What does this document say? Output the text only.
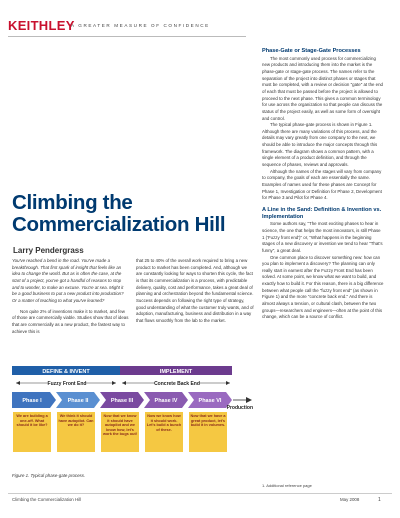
KEITHLEY
A GREATER MEASURE OF CONFIDENCE
Climbing the
Commercialization Hill
Larry Pendergrass

You've reached a bend in the road. You've made a breakthrough. That first spark of insight that feels like an idea to change the world. But as is often the case, at the start of a project, you've got a handful of reasons to stop and to wonder, to make an excuse. You're at sea. Might it be a good business to put a new product into production? Or a matter of teaching to what you've learned?

Non quite 2% of inventions make it to market, and few of those are commercially viable. Studies show that of ideas that are commercially as a new product, the fastest way to achieve this is

that 25 to 40% of the overall work required to bring a new product to market has been completed. And, although we are constantly looking for ways to shorten this cycle, the fact is that its commercialization is a process, with predictable delivery, quality, cost and performance, takes a great deal of planning and orchestration beyond the fundamental science. Success depends on following the right type of strategy, good understanding of what the customer truly wants, and of adoption, manufacturing, business and distribution in a way that flows smoothly from the lab to the market.

Phase-Gate or Stage-Gate Processes

The most commonly used process for commercializing new products and introducing them into the market is the phase-gate or stage-gate process. The names refer to the separation of the project into distinct phases or stages that must be completed, with a review or decision "gate" at the end of each that must be passed before the project is allowed to proceed to the next phase. This gives a common terminology for use across the organization so that people can discuss the status of the project easily, as well as some form of oversight and control.

The typical phase-gate process is shown in Figure 1. Although there are many variations of this process, and the details may vary greatly from one company to the next, we should be able to introduce the major concepts through this framework. The diagram shows a common pattern, with a single element of a product definition, and through the sequence of phases, reviews and approvals.

Although the names of the stages will vary from company to company, the goals of each are essentially the same. Examples of names used for these phases are Concept for Phase 1, Investigation or Definition for Phase 2, Development for Phase 3 and Pilot for Phase 4.

A Line in the Sand: Definition & Invention vs. Implementation

Some authors say, "The most exciting phases to hear in science, the one that helps the most innovators, is still Phase 1 ('Fuzzy front end')" or, "What happens in the beginning stages of a new discovery or invention we tend to hear "That's funny", a great deal.

One common place to discover something new: how can you plan to implement a discovery? The planning can only really start in earnest after the Fuzzy Front End has been solved. At some point, we know what we want to build, and exactly how to build it. For this reason, there is a big difference between what people call the "fuzzy front end" (as shown in Figure 1) and the more "concrete back end." And there is almost always a tension, or cultural clash, between the two groups—researchers and engineers—often at the point of this change, which can be a source of conflict.

DEFINE & INVENT	IMPLEMENT
Fuzzy Front End	Concrete Back End
Phase I	Phase II	Phase III	Phase IV	Phase VI
Production
We are building a one-off. What should it be like?
We think it should have autopilot. Can we do it?
Now that we know it should have autopilot and we know how, let's work the bugs out!
Now we know how it should work. Let's build a bunch of these.
Now that we have a great product, let's build it in volumes.
Figure 1. Typical phase-gate process.
1. Additional reference page
Climbing the Commercialization Hill	May 2008	1
